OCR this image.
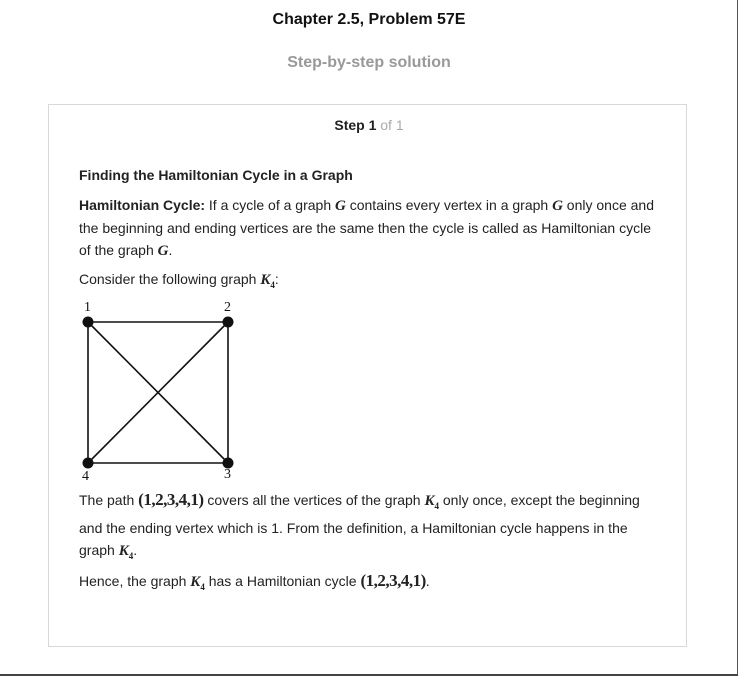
Chapter 2.5, Problem 57E
Step-by-step solution
Step 1 of 1
Finding the Hamiltonian Cycle in a Graph
Hamiltonian Cycle: If a cycle of a graph G contains every vertex in a graph G only once and the beginning and ending vertices are the same then the cycle is called as Hamiltonian cycle of the graph G.
Consider the following graph $K_4$:
1	2
3
4
The path (1,2,3,4,1) covers all the vertices of the graph $K_4$ only once, except the beginning and the ending vertex which is 1. From the definition, a Hamiltonian cycle happens in the graph $K_4$.
Hence, the graph $K_4$ has a Hamiltonian cycle (1,2,3,4,1).
